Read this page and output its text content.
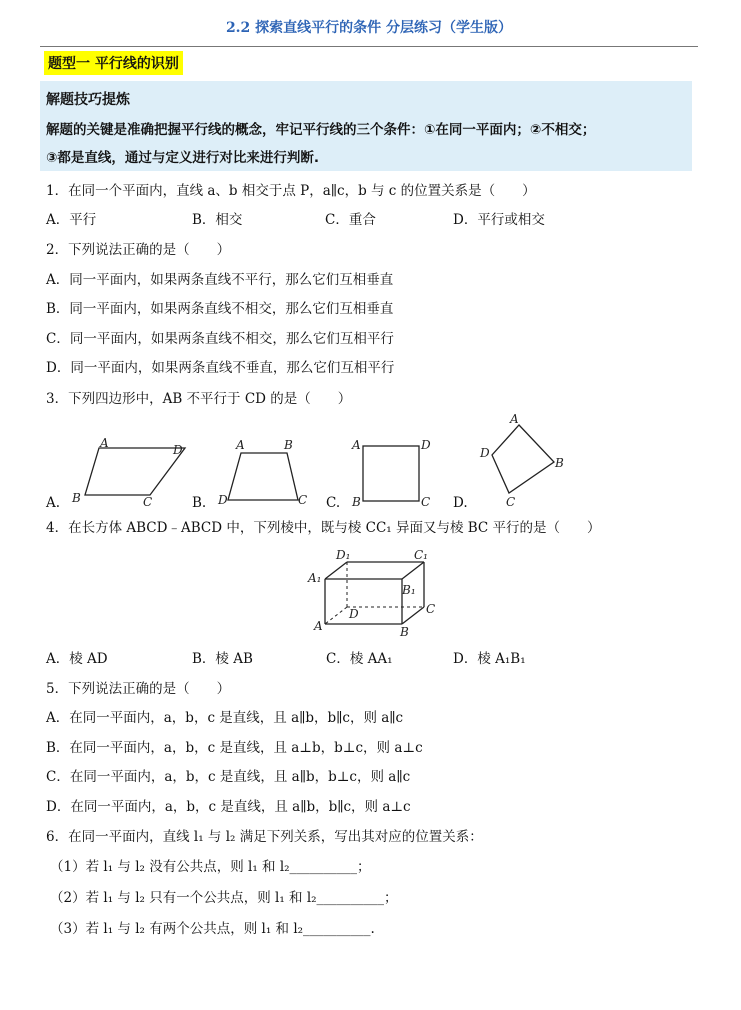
2.2 探索直线平行的条件 分层练习（学生版）
题型一 平行线的识别
解题技巧提炼
解题的关键是准确把握平行线的概念，牢记平行线的三个条件：①在同一平面内；②不相交；
③都是直线，通过与定义进行对比来进行判断.
1．在同一个平面内，直线 a、b 相交于点 P，a∥c，b 与 c 的位置关系是（　　）
A．平行	B．相交	C．重合	D．平行或相交
2．下列说法正确的是（　　）
A．同一平面内，如果两条直线不平行，那么它们互相垂直
B．同一平面内，如果两条直线不相交，那么它们互相垂直
C．同一平面内，如果两条直线不相交，那么它们互相平行
D．同一平面内，如果两条直线不垂直，那么它们互相平行
3．下列四边形中，AB 不平行于 CD 的是（　　）
A.	B.	C.	D.
A	D
B	C
A	B
D	C
A	D
B	C
A
B
C
D
4．在长方体 ABCD﹣ABCD 中，下列棱中，既与棱 CC₁ 异面又与棱 BC 平行的是（　　）
D₁	C₁
A₁
B₁
D	C
A	B
A．棱 AD	B．棱 AB	C．棱 AA₁	D．棱 A₁B₁
5．下列说法正确的是（　　）
A．在同一平面内，a，b，c 是直线，且 a∥b，b∥c，则 a∥c
B．在同一平面内，a，b，c 是直线，且 a⊥b，b⊥c，则 a⊥c
C．在同一平面内，a，b，c 是直线，且 a∥b，b⊥c，则 a∥c
D．在同一平面内，a，b，c 是直线，且 a∥b，b∥c，则 a⊥c
6．在同一平面内，直线 l₁ 与 l₂ 满足下列关系，写出其对应的位置关系：
（1）若 l₁ 与 l₂ 没有公共点，则 l₁ 和 l₂__________；
（2）若 l₁ 与 l₂ 只有一个公共点，则 l₁ 和 l₂__________；
（3）若 l₁ 与 l₂ 有两个公共点，则 l₁ 和 l₂__________.
